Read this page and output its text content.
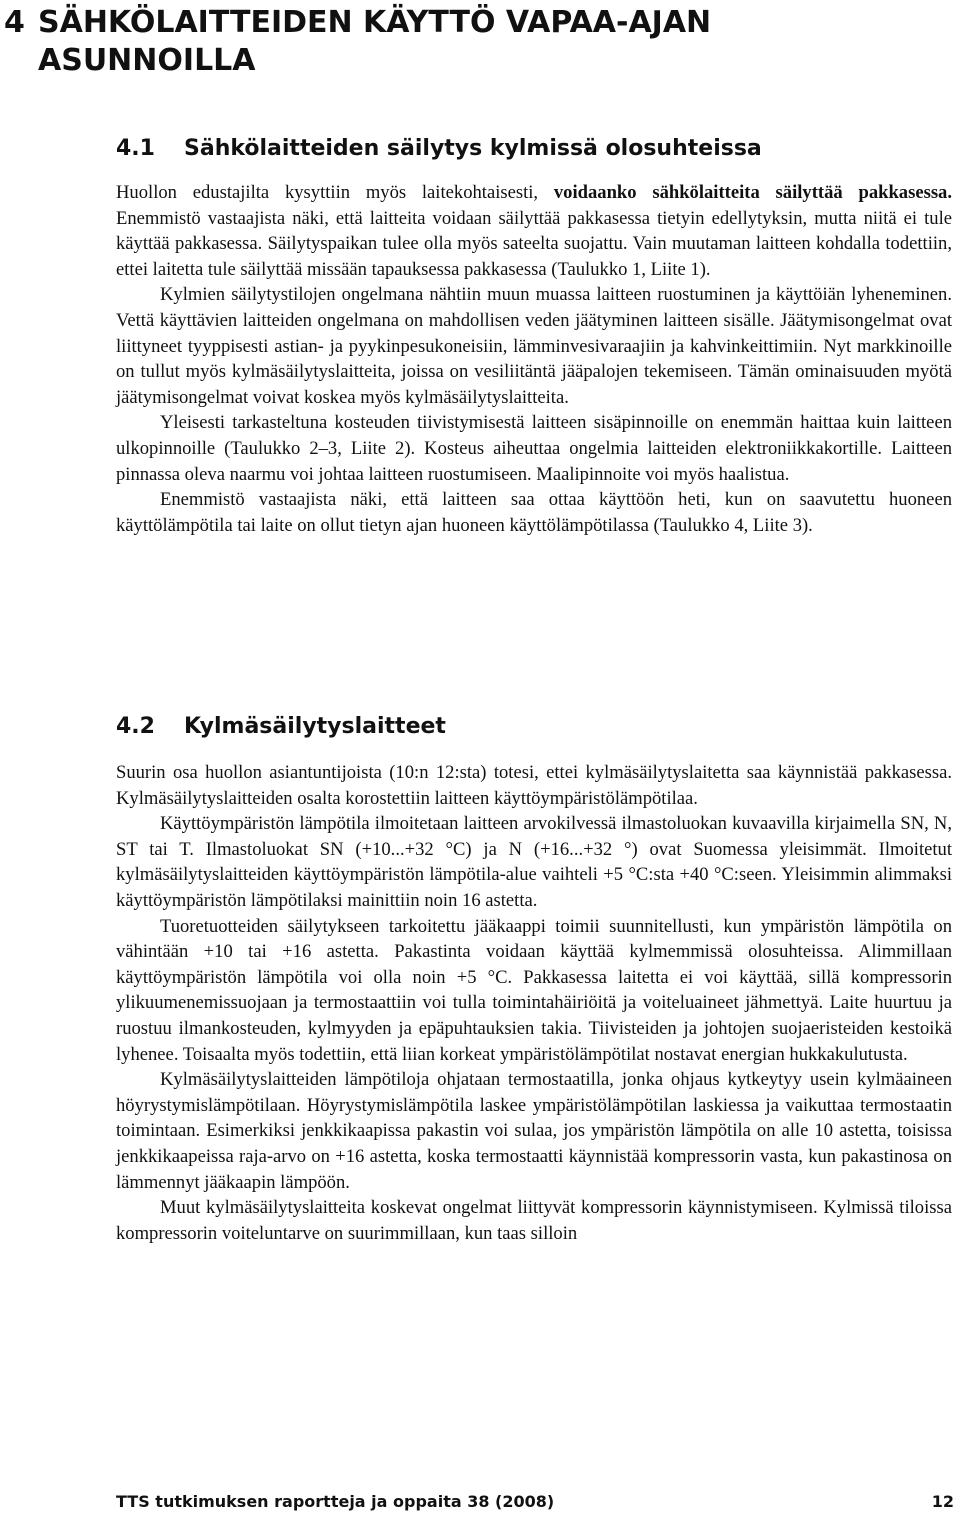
4 SÄHKÖLAITTEIDEN KÄYTTÖ VAPAA-AJAN
ASUNNOILLA
4.1 Sähkölaitteiden säilytys kylmissä olosuhteissa

Huollon edustajilta kysyttiin myös laitekohtaisesti, voidaanko sähkölaitteita säilyttää pakkasessa. Enemmistö vastaajista näki, että laitteita voidaan säilyttää pakkasessa tietyin edellytyksin, mutta niitä ei tule käyttää pakkasessa. Säilytyspaikan tulee olla myös sateelta suojattu. Vain muutaman laitteen kohdalla todettiin, ettei laitetta tule säilyttää missään tapauksessa pakkasessa (Taulukko 1, Liite 1).

Kylmien säilytystilojen ongelmana nähtiin muun muassa laitteen ruostuminen ja käyttöiän lyheneminen. Vettä käyttävien laitteiden ongelmana on mahdollisen veden jäätyminen laitteen sisälle. Jäätymisongelmat ovat liittyneet tyyppisesti astian- ja pyykinpesukoneisiin, lämminvesivaraajiin ja kahvinkeittimiin. Nyt markkinoille on tullut myös kylmäsäilytyslaitteita, joissa on vesiliitäntä jääpalojen tekemiseen. Tämän ominaisuuden myötä jäätymisongelmat voivat koskea myös kylmäsäilytyslaitteita.

Yleisesti tarkasteltuna kosteuden tiivistymisestä laitteen sisäpinnoille on enemmän haittaa kuin laitteen ulkopinnoille (Taulukko 2–3, Liite 2). Kosteus aiheuttaa ongelmia laitteiden elektroniikkakortille. Laitteen pinnassa oleva naarmu voi johtaa laitteen ruostumiseen. Maalipinnoite voi myös haalistua.

Enemmistö vastaajista näki, että laitteen saa ottaa käyttöön heti, kun on saavutettu huoneen käyttölämpötila tai laite on ollut tietyn ajan huoneen käyttölämpötilassa (Taulukko 4, Liite 3).

4.2 Kylmäsäilytyslaitteet

Suurin osa huollon asiantuntijoista (10:n 12:sta) totesi, ettei kylmäsäilytyslaitetta saa käynnistää pakkasessa. Kylmäsäilytyslaitteiden osalta korostettiin laitteen käyttöympäristölämpötilaa.

Käyttöympäristön lämpötila ilmoitetaan laitteen arvokilvessä ilmastoluokan kuvaavilla kirjaimella SN, N, ST tai T. Ilmastoluokat SN (+10...+32 °C) ja N (+16...+32 °) ovat Suomessa yleisimmät. Ilmoitetut kylmäsäilytyslaitteiden käyttöympäristön lämpötila-alue vaihteli +5 °C:sta +40 °C:seen. Yleisimmin alimmaksi käyttöympäristön lämpötilaksi mainittiin noin 16 astetta.

Tuoretuotteiden säilytykseen tarkoitettu jääkaappi toimii suunnitellusti, kun ympäristön lämpötila on vähintään +10 tai +16 astetta. Pakastinta voidaan käyttää kylmemmissä olosuhteissa. Alimmillaan käyttöympäristön lämpötila voi olla noin +5 °C. Pakkasessa laitetta ei voi käyttää, sillä kompressorin ylikuumenemissuojaan ja termostaattiin voi tulla toimintahäiriöitä ja voiteluaineet jähmettyä. Laite huurtuu ja ruostuu ilmankosteuden, kylmyyden ja epäpuhtauksien takia. Tiivisteiden ja johtojen suojaeristeiden kestoikä lyhenee. Toisaalta myös todettiin, että liian korkeat ympäristölämpötilat nostavat energian hukkakulutusta.

Kylmäsäilytyslaitteiden lämpötiloja ohjataan termostaatilla, jonka ohjaus kytkeytyy usein kylmäaineen höyrystymislämpötilaan. Höyrystymislämpötila laskee ympäristölämpötilan laskiessa ja vaikuttaa termostaatin toimintaan. Esimerkiksi jenkkikaapissa pakastin voi sulaa, jos ympäristön lämpötila on alle 10 astetta, toisissa jenkkikaapeissa raja-arvo on +16 astetta, koska termostaatti käynnistää kompressorin vasta, kun pakastinosa on lämmennyt jääkaapin lämpöön.

Muut kylmäsäilytyslaitteita koskevat ongelmat liittyvät kompressorin käynnistymiseen. Kylmissä tiloissa kompressorin voiteluntarve on suurimmillaan, kun taas silloin

TTS tutkimuksen raportteja ja oppaita 38 (2008)	12
